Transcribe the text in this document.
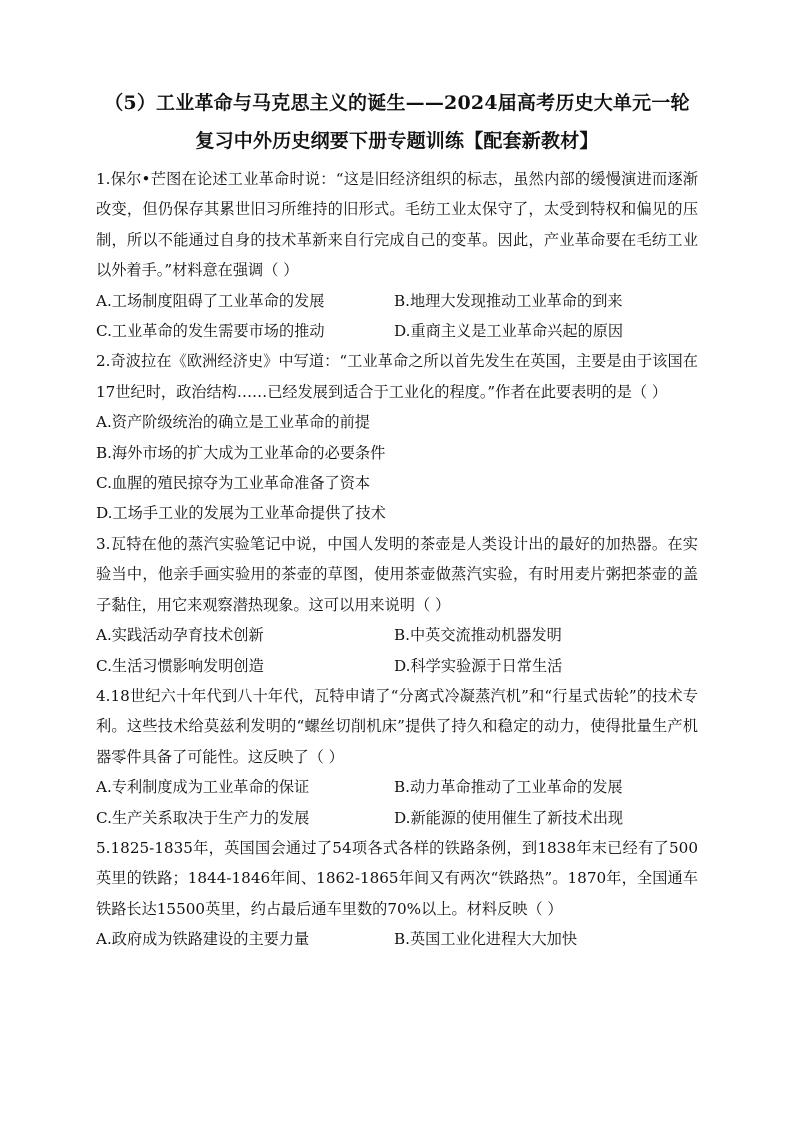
（5）工业革命与马克思主义的诞生——2024届高考历史大单元一轮
复习中外历史纲要下册专题训练【配套新教材】

1.保尔•芒图在论述工业革命时说：“这是旧经济组织的标志，虽然内部的缓慢演进而逐渐改变，但仍保存其累世旧习所维持的旧形式。毛纺工业太保守了，太受到特权和偏见的压制，所以不能通过自身的技术革新来自行完成自己的变革。因此，产业革命要在毛纺工业以外着手。”材料意在强调（ ）

A.工场制度阻碍了工业革命的发展	B.地理大发现推动工业革命的到来
C.工业革命的发生需要市场的推动	D.重商主义是工业革命兴起的原因

2.奇波拉在《欧洲经济史》中写道：“工业革命之所以首先发生在英国，主要是由于该国在17世纪时，政治结构……已经发展到适合于工业化的程度。”作者在此要表明的是（ ）

A.资产阶级统治的确立是工业革命的前提
B.海外市场的扩大成为工业革命的必要条件
C.血腥的殖民掠夺为工业革命准备了资本
D.工场手工业的发展为工业革命提供了技术

3.瓦特在他的蒸汽实验笔记中说，中国人发明的茶壶是人类设计出的最好的加热器。在实验当中，他亲手画实验用的茶壶的草图，使用茶壶做蒸汽实验，有时用麦片粥把茶壶的盖子黏住，用它来观察潜热现象。这可以用来说明（ ）

A.实践活动孕育技术创新	B.中英交流推动机器发明
C.生活习惯影响发明创造	D.科学实验源于日常生活

4.18世纪六十年代到八十年代，瓦特申请了“分离式冷凝蒸汽机”和“行星式齿轮”的技术专利。这些技术给莫兹利发明的“螺丝切削机床”提供了持久和稳定的动力，使得批量生产机器零件具备了可能性。这反映了（ ）

A.专利制度成为工业革命的保证	B.动力革命推动了工业革命的发展
C.生产关系取决于生产力的发展	D.新能源的使用催生了新技术出现

5.1825-1835年，英国国会通过了54项各式各样的铁路条例，到1838年末已经有了500英里的铁路；1844-1846年间、1862-1865年间又有两次“铁路热”。1870年，全国通车铁路长达15500英里，约占最后通车里数的70%以上。材料反映（ ）

A.政府成为铁路建设的主要力量	B.英国工业化进程大大加快
